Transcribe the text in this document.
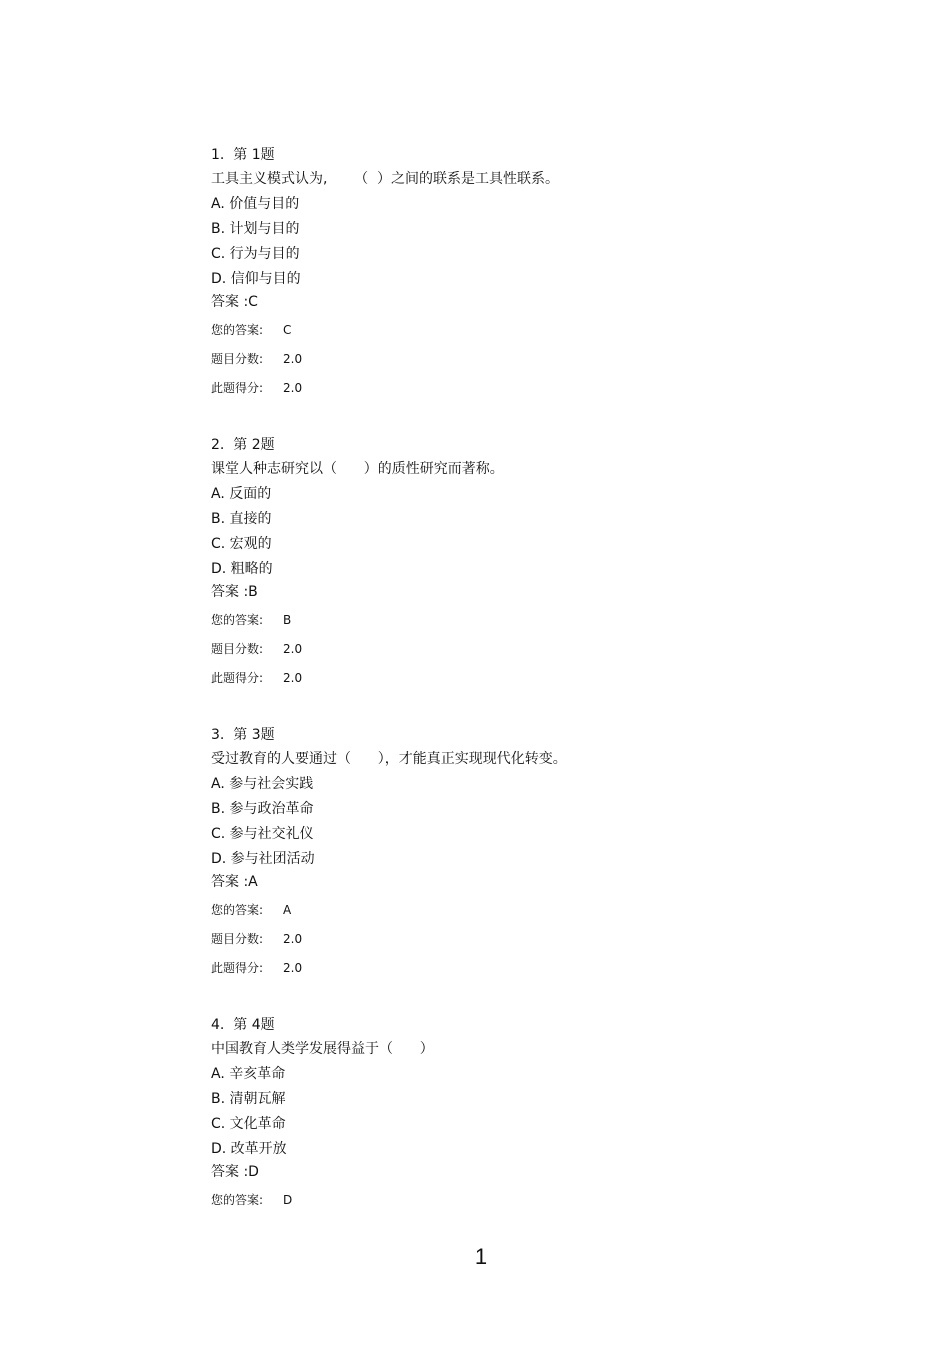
1.  第 1题
工具主义模式认为,      （  ）之间的联系是工具性联系。
A. 价值与目的
B. 计划与目的
C. 行为与目的
D. 信仰与目的
答案 :C
您的答案:	C
题目分数:	2.0
此题得分:	2.0
2.  第 2题
课堂人种志研究以（      ）的质性研究而著称。
A. 反面的
B. 直接的
C. 宏观的
D. 粗略的
答案 :B
您的答案:	B
题目分数:	2.0
此题得分:	2.0
3.  第 3题
受过教育的人要通过（      ），才能真正实现现代化转变。
A. 参与社会实践
B. 参与政治革命
C. 参与社交礼仪
D. 参与社团活动
答案 :A
您的答案:	A
题目分数:	2.0
此题得分:	2.0
4.  第 4题
中国教育人类学发展得益于（      ）
A. 辛亥革命
B. 清朝瓦解
C. 文化革命
D. 改革开放
答案 :D
您的答案:	D
1
